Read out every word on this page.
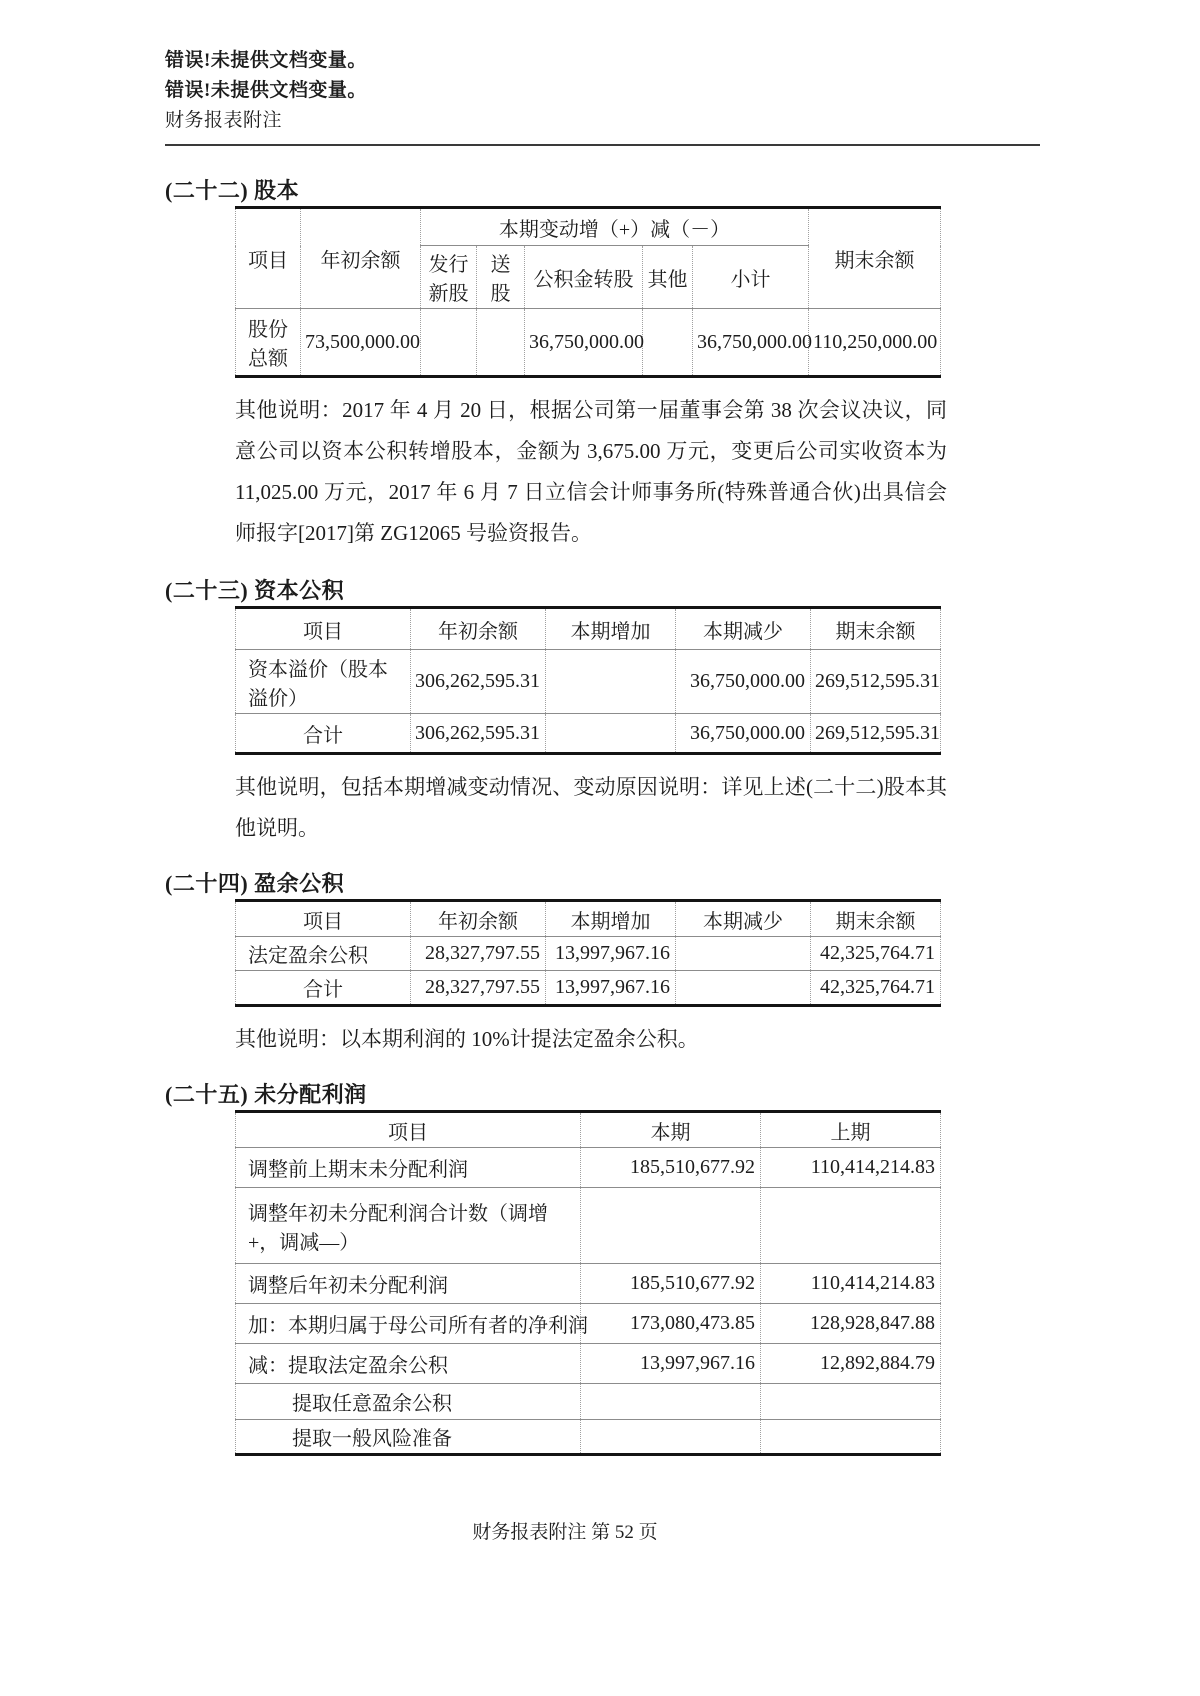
错误!未提供文档变量。
错误!未提供文档变量。
财务报表附注
(二十二) 股本
项目	年初余额	本期变动增（+）减（－）					期末余额
		发行新股	送股	公积金转股	其他	小计	
股份总额	73,500,000.00			36,750,000.00		36,750,000.00	110,250,000.00

其他说明：2017 年 4 月 20 日，根据公司第一届董事会第 38 次会议决议，同意公司以资本公积转增股本，金额为 3,675.00 万元，变更后公司实收资本为 11,025.00 万元，2017 年 6 月 7 日立信会计师事务所(特殊普通合伙)出具信会师报字[2017]第 ZG12065 号验资报告。

(二十三) 资本公积
项目	年初余额	本期增加	本期减少	期末余额
资本溢价（股本溢价）	306,262,595.31		36,750,000.00	269,512,595.31
合计	306,262,595.31		36,750,000.00	269,512,595.31

其他说明，包括本期增减变动情况、变动原因说明：详见上述(二十二)股本其他说明。

(二十四) 盈余公积
项目	年初余额	本期增加	本期减少	期末余额
法定盈余公积	28,327,797.55	13,997,967.16		42,325,764.71
合计	28,327,797.55	13,997,967.16		42,325,764.71

其他说明：以本期利润的 10%计提法定盈余公积。

(二十五) 未分配利润
项目	本期	上期
调整前上期末未分配利润	185,510,677.92	110,414,214.83
调整年初未分配利润合计数（调增+，调减—）		
调整后年初未分配利润	185,510,677.92	110,414,214.83
加：本期归属于母公司所有者的净利润	173,080,473.85	128,928,847.88
减：提取法定盈余公积	13,997,967.16	12,892,884.79
提取任意盈余公积		
提取一般风险准备		
财务报表附注 第 52 页
